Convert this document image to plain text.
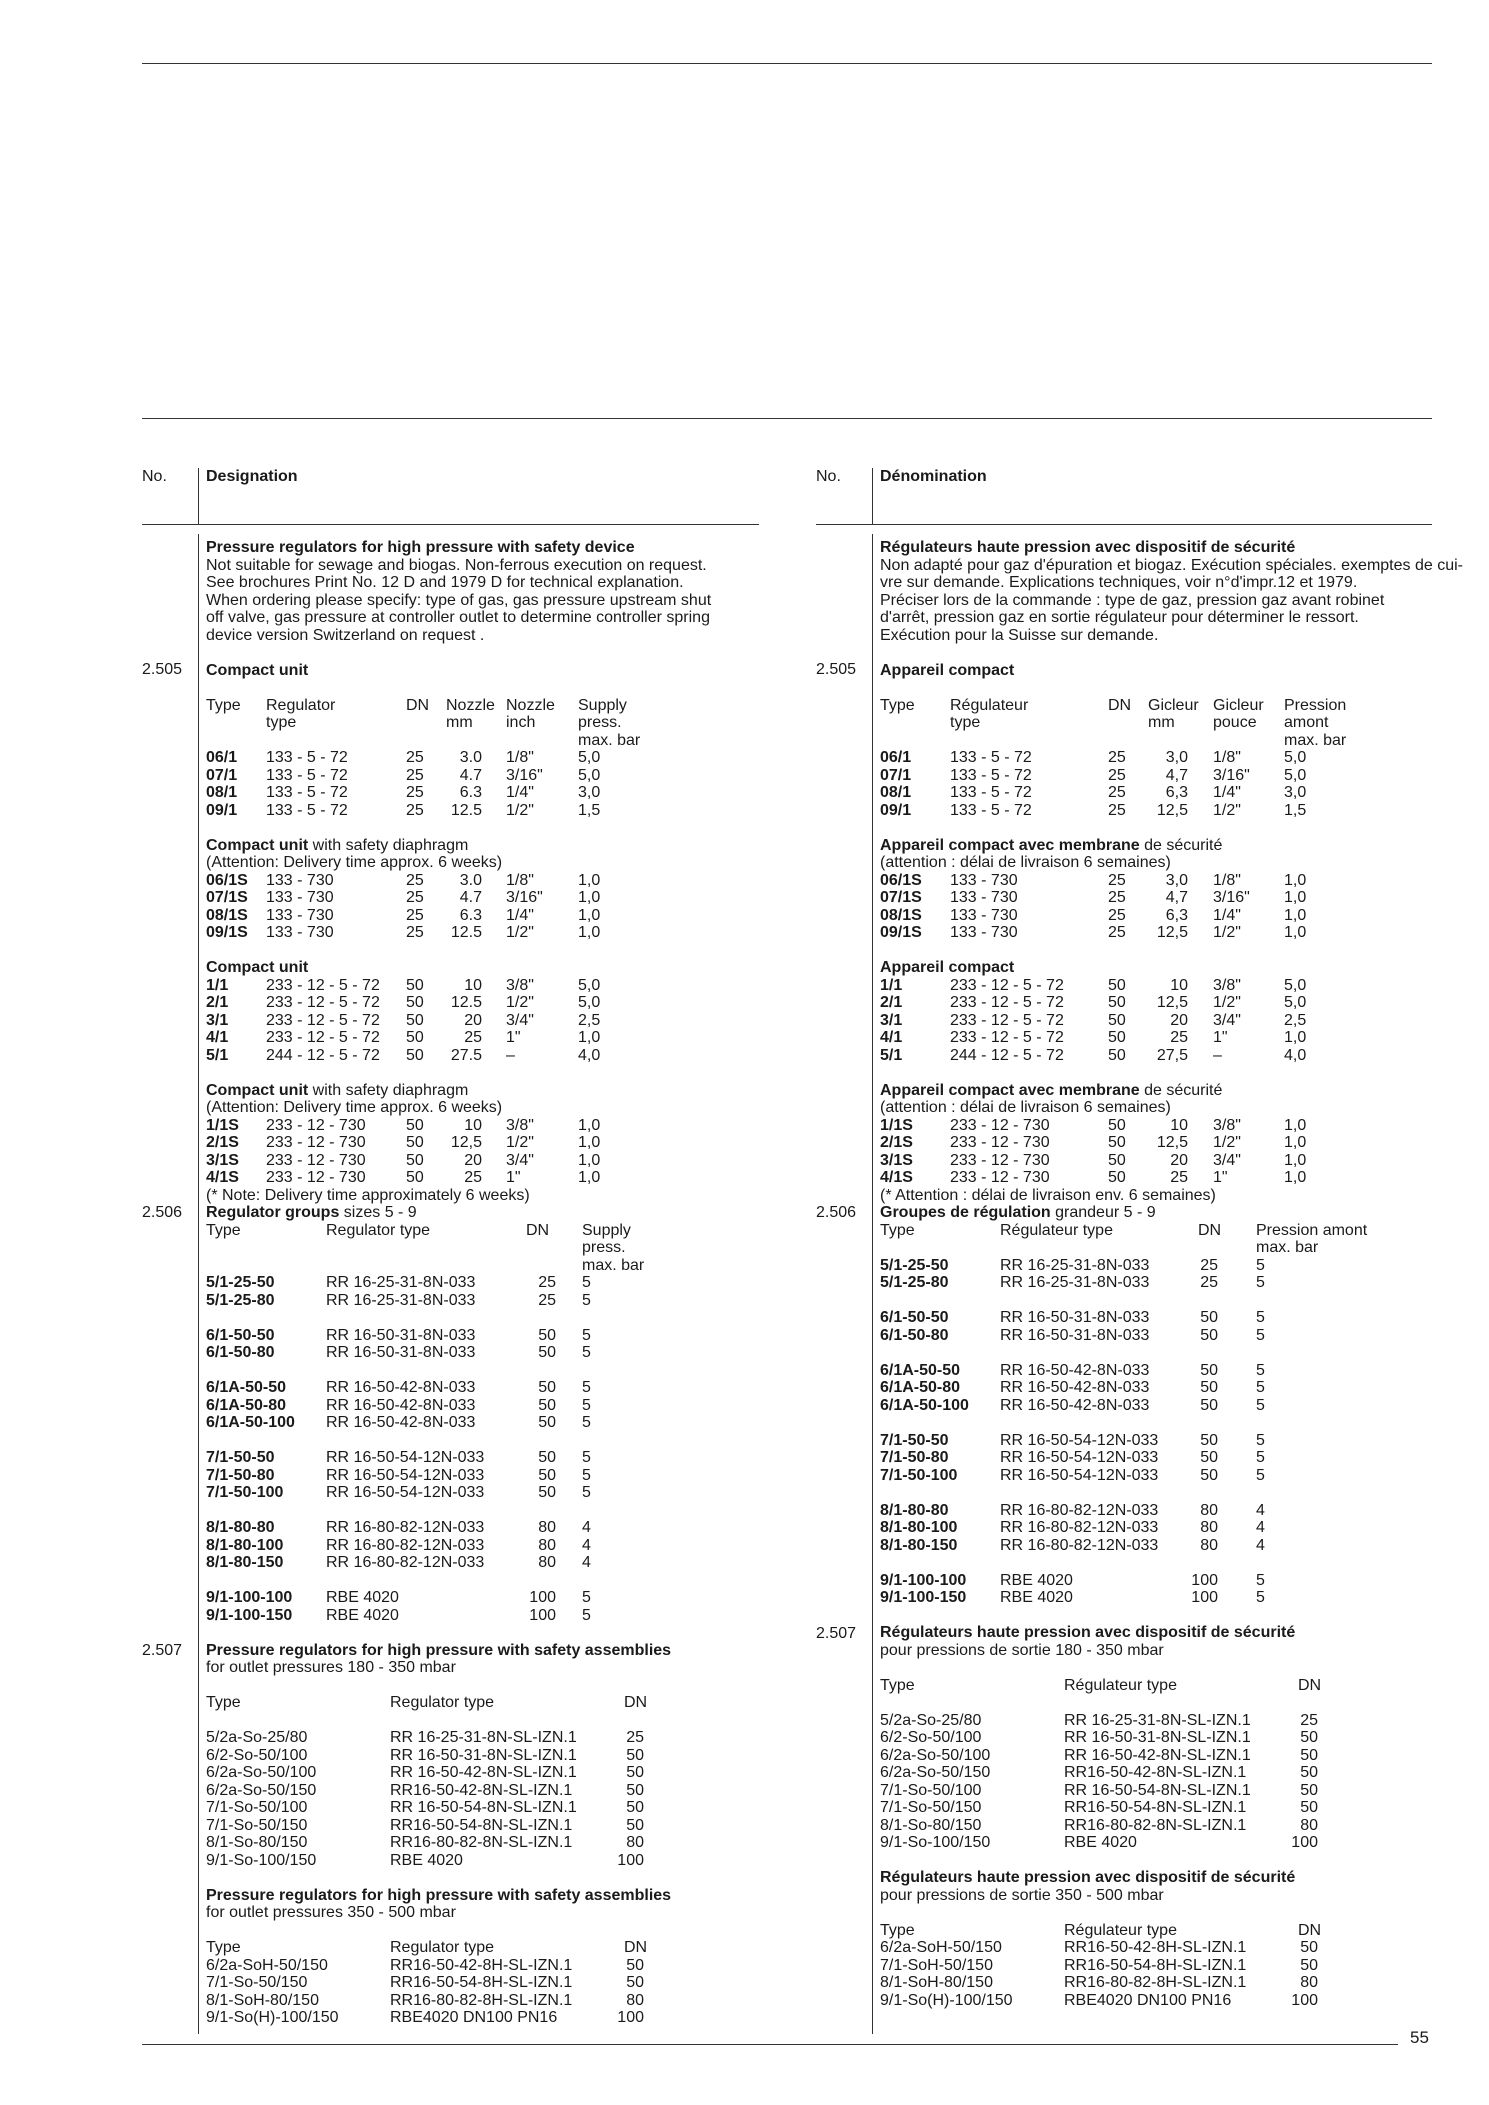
55
No. Designation	No. Dénomination
2.505
2.506
2.507
2.505
2.506
2.507
Pressure regulators for high pressure with safety device
Not suitable for sewage and biogas. Non-ferrous execution on request.
See brochures Print No. 12 D and 1979 D for technical explanation.
When ordering please specify: type of gas, gas pressure upstream shut
off valve, gas pressure at controller outlet to determine controller spring
device version Switzerland on request .
Compact unit
Type Regulator	DN Nozzle Nozzle Supply
type	mm inch	press.
max. bar
06/1 133 - 5 - 72	25	3.0 1/8"	5,0
07/1 133 - 5 - 72	25	4.7 3/16" 5,0
08/1 133 - 5 - 72	25	6.3 1/4"	3,0
09/1 133 - 5 - 72	25	12.5 1/2"	1,5
Compact unit with safety diaphragm
(Attention: Delivery time approx. 6 weeks)
06/1S 133 - 730	25	3.0 1/8"	1,0
07/1S 133 - 730	25	4.7 3/16" 1,0
08/1S 133 - 730	25	6.3 1/4"	1,0
09/1S 133 - 730	25	12.5 1/2"	1,0
Compact unit
1/1 233 - 12 - 5 - 72 50	10 3/8"	5,0
2/1 233 - 12 - 5 - 72 50	12.5 1/2"	5,0
3/1 233 - 12 - 5 - 72 50	20 3/4"	2,5
4/1 233 - 12 - 5 - 72 50	25 1"	1,0
5/1 244 - 12 - 5 - 72 50	27.5 –	4,0
Compact unit with safety diaphragm
(Attention: Delivery time approx. 6 weeks)
1/1S 233 - 12 - 730	50	10 3/8"	1,0
2/1S 233 - 12 - 730	50	12,5 1/2"	1,0
3/1S 233 - 12 - 730	50	20 3/4"	1,0
4/1S 233 - 12 - 730	50	25 1"	1,0
(* Note: Delivery time approximately 6 weeks)
Regulator groups sizes 5 - 9
Type	Regulator type	DN Supply
press.
max. bar
5/1-25-50	RR 16-25-31-8N-033	25 5
5/1-25-80	RR 16-25-31-8N-033	25 5
6/1-50-50	RR 16-50-31-8N-033	50 5
6/1-50-80	RR 16-50-31-8N-033	50 5
6/1A-50-50 RR 16-50-42-8N-033	50 5
6/1A-50-80 RR 16-50-42-8N-033	50 5
6/1A-50-100 RR 16-50-42-8N-033	50 5
7/1-50-50	RR 16-50-54-12N-033	50 5
7/1-50-80	RR 16-50-54-12N-033	50 5
7/1-50-100	RR 16-50-54-12N-033	50 5
8/1-80-80	RR 16-80-82-12N-033	80 4
8/1-80-100	RR 16-80-82-12N-033	80 4
8/1-80-150	RR 16-80-82-12N-033	80 4
9/1-100-100 RBE 4020	100 5
9/1-100-150 RBE 4020	100 5
Pressure regulators for high pressure with safety assemblies
for outlet pressures 180 - 350 mbar
Type	Regulator type	DN
5/2a-So-25/80	RR 16-25-31-8N-SL-IZN.1	25
6/2-So-50/100	RR 16-50-31-8N-SL-IZN.1	50
6/2a-So-50/100	RR 16-50-42-8N-SL-IZN.1	50
6/2a-So-50/150	RR16-50-42-8N-SL-IZN.1	50
7/1-So-50/100	RR 16-50-54-8N-SL-IZN.1	50
7/1-So-50/150	RR16-50-54-8N-SL-IZN.1	50
8/1-So-80/150	RR16-80-82-8N-SL-IZN.1	80
9/1-So-100/150	RBE 4020	100
Pressure regulators for high pressure with safety assemblies
for outlet pressures 350 - 500 mbar
Type	Regulator type	DN
6/2a-SoH-50/150	RR16-50-42-8H-SL-IZN.1	50
7/1-So-50/150	RR16-50-54-8H-SL-IZN.1	50
8/1-SoH-80/150	RR16-80-82-8H-SL-IZN.1	80
9/1-So(H)-100/150	RBE4020 DN100 PN16	100
Régulateurs haute pression avec dispositif de sécurité
Non adapté pour gaz d'épuration et biogaz. Exécution spéciales. exemptes de cui-
vre sur demande. Explications techniques, voir n°d'impr.12 et 1979.
Préciser lors de la commande : type de gaz, pression gaz avant robinet
d'arrêt, pression gaz en sortie régulateur pour déterminer le ressort.
Exécution pour la Suisse sur demande.
Appareil compact
Type Régulateur	DN Gicleur Gicleur Pression
type	mm pouce amont
max. bar
06/1 133 - 5 - 72	25	3,0 1/8"	5,0
07/1 133 - 5 - 72	25	4,7 3/16" 5,0
08/1 133 - 5 - 72	25	6,3 1/4"	3,0
09/1 133 - 5 - 72	25	12,5 1/2"	1,5
Appareil compact avec membrane de sécurité
(attention : délai de livraison 6 semaines)
06/1S 133 - 730	25	3,0 1/8"	1,0
07/1S 133 - 730	25	4,7 3/16" 1,0
08/1S 133 - 730	25	6,3 1/4"	1,0
09/1S 133 - 730	25	12,5 1/2"	1,0
Appareil compact
1/1	233 - 12 - 5 - 72	50	10 3/8"	5,0
2/1	233 - 12 - 5 - 72	50	12,5 1/2"	5,0
3/1	233 - 12 - 5 - 72	50	20 3/4"	2,5
4/1	233 - 12 - 5 - 72	50	25 1"	1,0
5/1	244 - 12 - 5 - 72	50	27,5 –	4,0
Appareil compact avec membrane de sécurité
(attention : délai de livraison 6 semaines)
1/1S 233 - 12 - 730	50	10 3/8"	1,0
2/1S 233 - 12 - 730	50	12,5 1/2"	1,0
3/1S 233 - 12 - 730	50	20 3/4"	1,0
4/1S 233 - 12 - 730	50	25 1"	1,0
(* Attention : délai de livraison env. 6 semaines)
Groupes de régulation grandeur 5 - 9
Type	Régulateur type	DN Pression amont
max. bar
5/1-25-50	RR 16-25-31-8N-033	25 5
5/1-25-80	RR 16-25-31-8N-033	25 5
6/1-50-50	RR 16-50-31-8N-033	50 5
6/1-50-80	RR 16-50-31-8N-033	50 5
6/1A-50-50 RR 16-50-42-8N-033	50 5
6/1A-50-80 RR 16-50-42-8N-033	50 5
6/1A-50-100 RR 16-50-42-8N-033	50 5
7/1-50-50	RR 16-50-54-12N-033	50 5
7/1-50-80	RR 16-50-54-12N-033	50 5
7/1-50-100	RR 16-50-54-12N-033	50 5
8/1-80-80	RR 16-80-82-12N-033	80 4
8/1-80-100	RR 16-80-82-12N-033	80 4
8/1-80-150	RR 16-80-82-12N-033	80 4
9/1-100-100 RBE 4020	100 5
9/1-100-150 RBE 4020	100 5
Régulateurs haute pression avec dispositif de sécurité
pour pressions de sortie 180 - 350 mbar
Type	Régulateur type	DN
5/2a-So-25/80	RR 16-25-31-8N-SL-IZN.1	25
6/2-So-50/100	RR 16-50-31-8N-SL-IZN.1	50
6/2a-So-50/100	RR 16-50-42-8N-SL-IZN.1	50
6/2a-So-50/150	RR16-50-42-8N-SL-IZN.1	50
7/1-So-50/100	RR 16-50-54-8N-SL-IZN.1	50
7/1-So-50/150	RR16-50-54-8N-SL-IZN.1	50
8/1-So-80/150	RR16-80-82-8N-SL-IZN.1	80
9/1-So-100/150	RBE 4020	100
Régulateurs haute pression avec dispositif de sécurité
pour pressions de sortie 350 - 500 mbar
Type	Régulateur type	DN
6/2a-SoH-50/150	RR16-50-42-8H-SL-IZN.1	50
7/1-SoH-50/150	RR16-50-54-8H-SL-IZN.1	50
8/1-SoH-80/150	RR16-80-82-8H-SL-IZN.1	80
9/1-So(H)-100/150	RBE4020 DN100 PN16	100
